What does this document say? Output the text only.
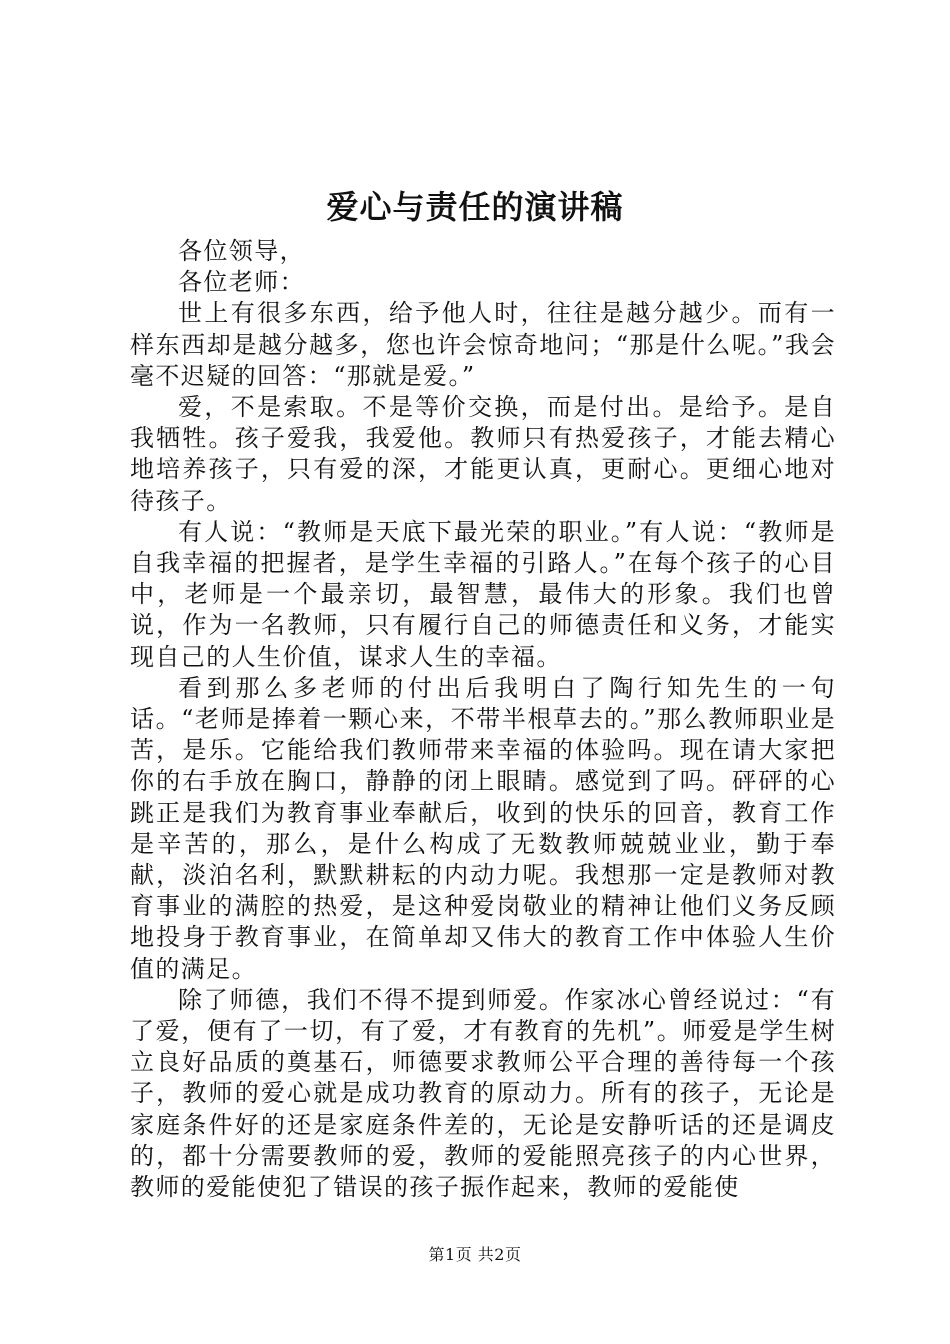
爱心与责任的演讲稿

各位领导，

各位老师：

世上有很多东西，给予他人时，往往是越分越少。而有一样东西却是越分越多，您也许会惊奇地问；“那是什么呢。”我会毫不迟疑的回答：“那就是爱。”

爱，不是索取。不是等价交换，而是付出。是给予。是自我牺牲。孩子爱我，我爱他。教师只有热爱孩子，才能去精心地培养孩子，只有爱的深，才能更认真，更耐心。更细心地对待孩子。

有人说：“教师是天底下最光荣的职业。”有人说：“教师是自我幸福的把握者，是学生幸福的引路人。”在每个孩子的心目中，老师是一个最亲切，最智慧，最伟大的形象。我们也曾说，作为一名教师，只有履行自己的师德责任和义务，才能实现自己的人生价值，谋求人生的幸福。

看到那么多老师的付出后我明白了陶行知先生的一句话。“老师是捧着一颗心来，不带半根草去的。”那么教师职业是苦，是乐。它能给我们教师带来幸福的体验吗。现在请大家把你的右手放在胸口，静静的闭上眼睛。感觉到了吗。砰砰的心跳正是我们为教育事业奉献后，收到的快乐的回音，教育工作是辛苦的，那么，是什么构成了无数教师兢兢业业，勤于奉献，淡泊名利，默默耕耘的内动力呢。我想那一定是教师对教育事业的满腔的热爱，是这种爱岗敬业的精神让他们义务反顾地投身于教育事业，在简单却又伟大的教育工作中体验人生价值的满足。

除了师德，我们不得不提到师爱。作家冰心曾经说过：“有了爱，便有了一切，有了爱，才有教育的先机”。师爱是学生树立良好品质的奠基石，师德要求教师公平合理的善待每一个孩子，教师的爱心就是成功教育的原动力。所有的孩子，无论是家庭条件好的还是家庭条件差的，无论是安静听话的还是调皮的，都十分需要教师的爱，教师的爱能照亮孩子的内心世界，教师的爱能使犯了错误的孩子振作起来，教师的爱能使

第1页 共2页
